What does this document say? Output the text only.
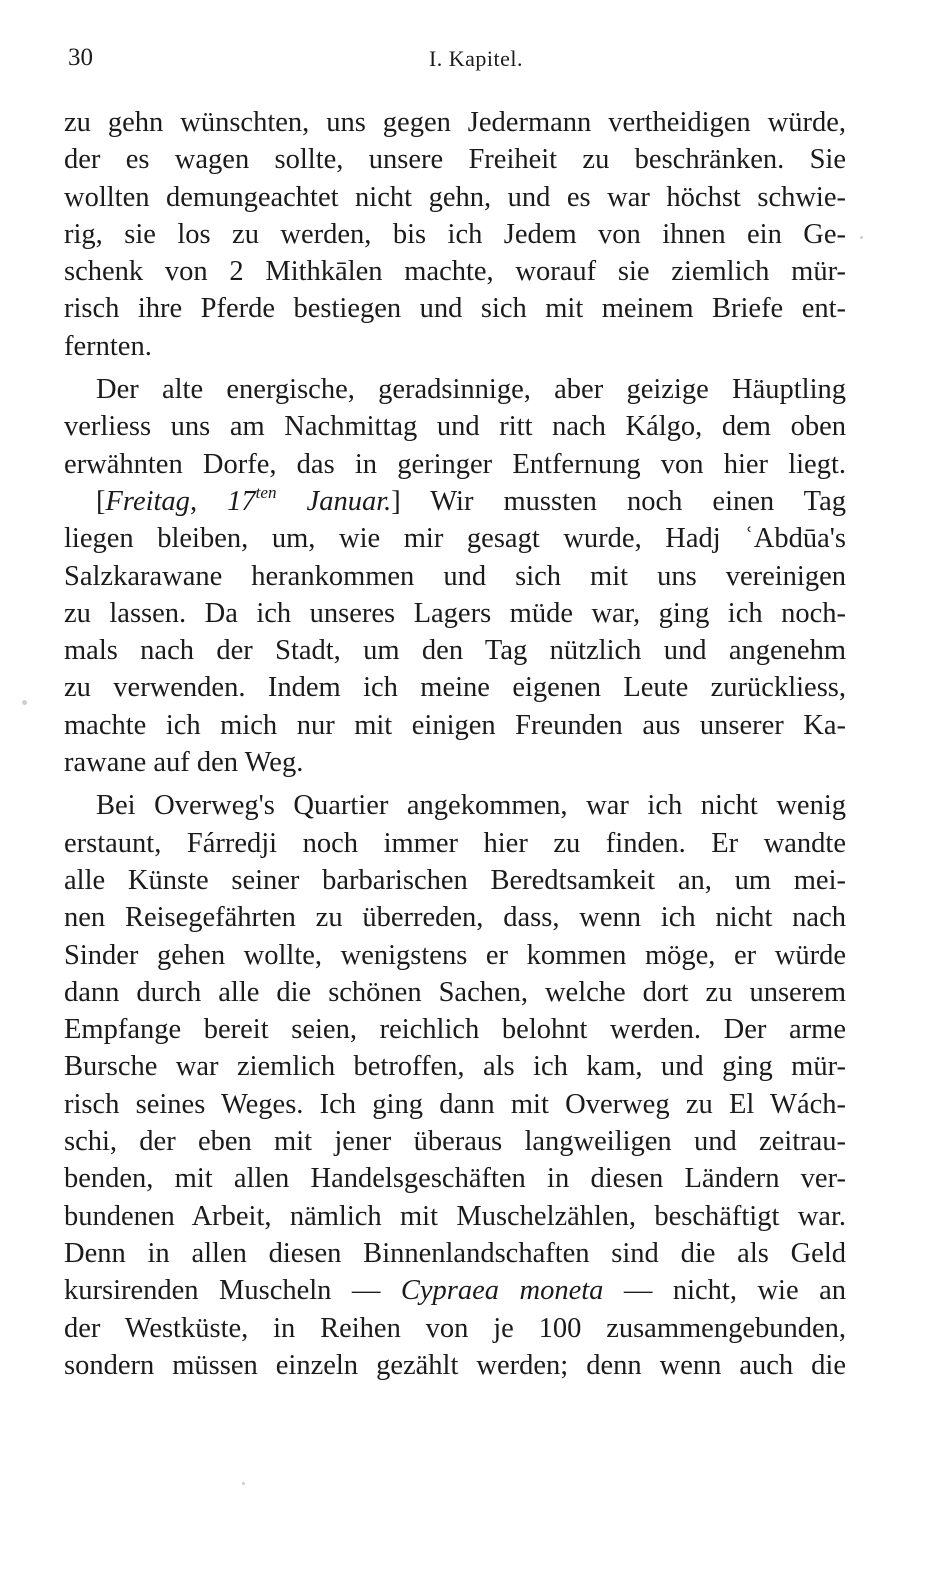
30	I. Kapitel.
zu gehn wünschten, uns gegen Jedermann vertheidigen würde,
der es wagen sollte, unsere Freiheit zu beschränken. Sie
wollten demungeachtet nicht gehn, und es war höchst schwie-
rig, sie los zu werden, bis ich Jedem von ihnen ein Ge-
schenk von 2 Mithkālen machte, worauf sie ziemlich mür-
risch ihre Pferde bestiegen und sich mit meinem Briefe ent-
fernten.
Der alte energische, geradsinnige, aber geizige Häuptling
verliess uns am Nachmittag und ritt nach Kálgo, dem oben
erwähnten Dorfe, das in geringer Entfernung von hier liegt.
[Freitag, $17^{ten}$ Januar.] Wir mussten noch einen Tag
liegen bleiben, um, wie mir gesagt wurde, Hadj ʿAbdūa's
Salzkarawane herankommen und sich mit uns vereinigen
zu lassen. Da ich unseres Lagers müde war, ging ich noch-
mals nach der Stadt, um den Tag nützlich und angenehm
zu verwenden. Indem ich meine eigenen Leute zurückliess,
machte ich mich nur mit einigen Freunden aus unserer Ka-
rawane auf den Weg.
Bei Overweg's Quartier angekommen, war ich nicht wenig
erstaunt, Fárredji noch immer hier zu finden. Er wandte
alle Künste seiner barbarischen Beredtsamkeit an, um mei-
nen Reisegefährten zu überreden, dass, wenn ich nicht nach
Sinder gehen wollte, wenigstens er kommen möge, er würde
dann durch alle die schönen Sachen, welche dort zu unserem
Empfange bereit seien, reichlich belohnt werden. Der arme
Bursche war ziemlich betroffen, als ich kam, und ging mür-
risch seines Weges. Ich ging dann mit Overweg zu El Wách-
schi, der eben mit jener überaus langweiligen und zeitrau-
benden, mit allen Handelsgeschäften in diesen Ländern ver-
bundenen Arbeit, nämlich mit Muschelzählen, beschäftigt war.
Denn in allen diesen Binnenlandschaften sind die als Geld
kursirenden Muscheln — Cypraea moneta — nicht, wie an
der Westküste, in Reihen von je 100 zusammengebunden,
sondern müssen einzeln gezählt werden; denn wenn auch die
